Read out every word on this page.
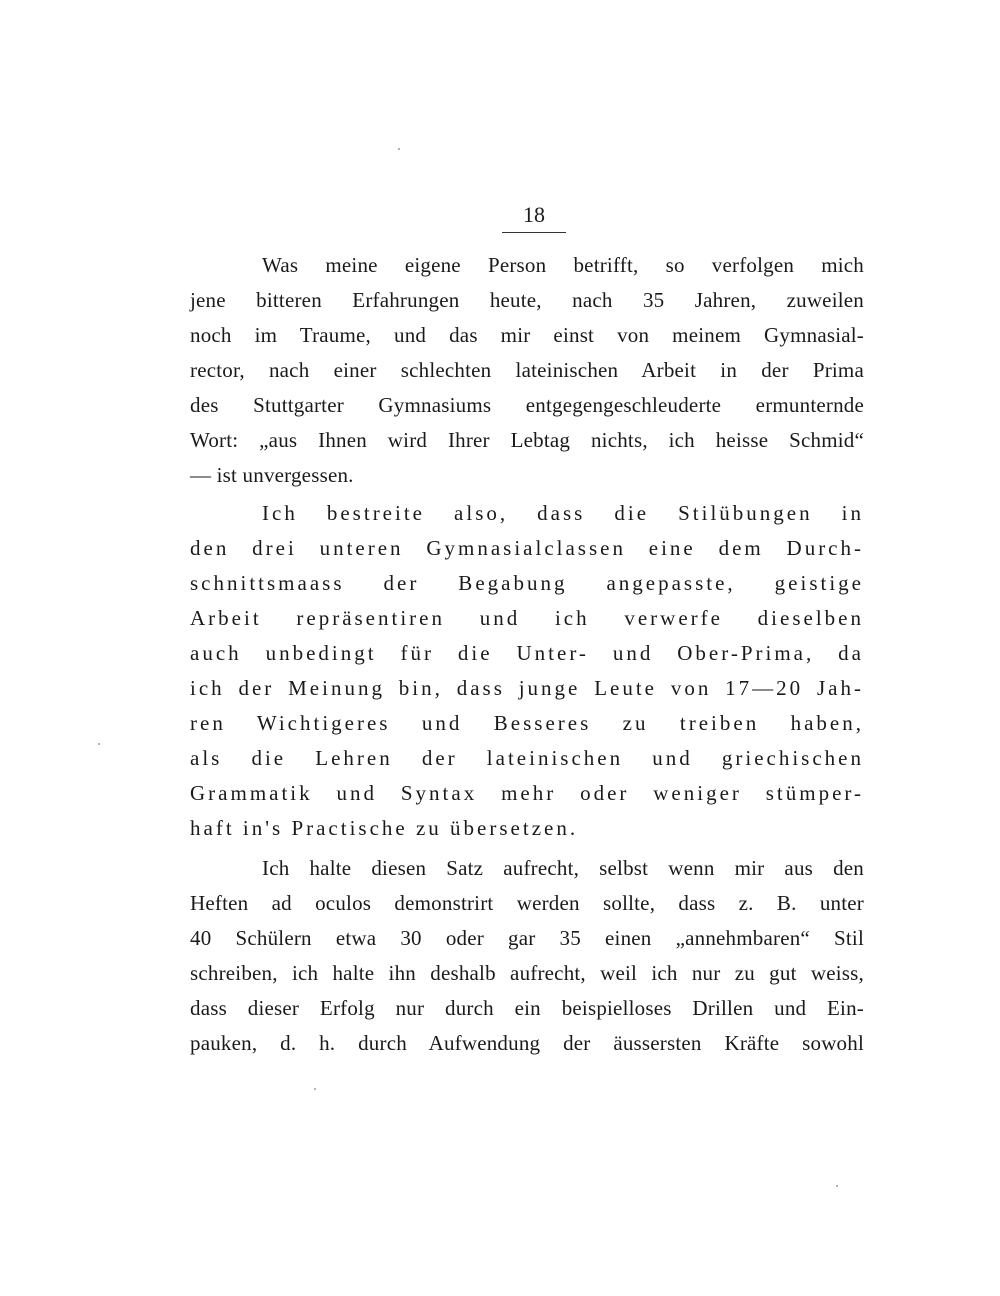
18
Was meine eigene Person betrifft, so verfolgen mich
jene bitteren Erfahrungen heute, nach 35 Jahren, zuweilen
noch im Traume, und das mir einst von meinem Gymnasial-
rector, nach einer schlechten lateinischen Arbeit in der Prima
des Stuttgarter Gymnasiums entgegengeschleuderte ermunternde
Wort: „aus Ihnen wird Ihrer Lebtag nichts, ich heisse Schmid“
— ist unvergessen.
Ich bestreite also, dass die Stilübungen in
den drei unteren Gymnasialclassen eine dem Durch-
schnittsmaass der Begabung angepasste, geistige
Arbeit repräsentiren und ich verwerfe dieselben
auch unbedingt für die Unter- und Ober-Prima, da
ich der Meinung bin, dass junge Leute von 17—20 Jah-
ren Wichtigeres und Besseres zu treiben haben,
als die Lehren der lateinischen und griechischen
Grammatik und Syntax mehr oder weniger stümper-
haft in's Practische zu übersetzen.
Ich halte diesen Satz aufrecht, selbst wenn mir aus den
Heften ad oculos demonstrirt werden sollte, dass z. B. unter
40 Schülern etwa 30 oder gar 35 einen „annehmbaren“ Stil
schreiben, ich halte ihn deshalb aufrecht, weil ich nur zu gut weiss,
dass dieser Erfolg nur durch ein beispielloses Drillen und Ein-
pauken, d. h. durch Aufwendung der äussersten Kräfte sowohl
